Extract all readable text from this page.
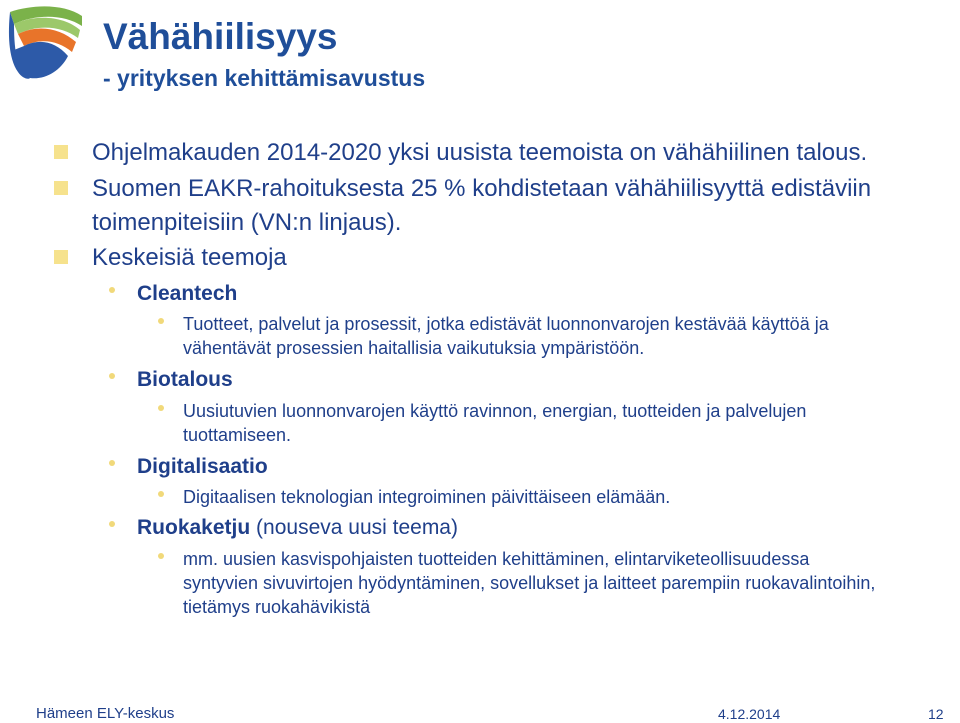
Vähähiilisyys
- yrityksen kehittämisavustus
Ohjelmakauden 2014-2020 yksi uusista teemoista on vähähiilinen talous.
Suomen EAKR-rahoituksesta 25 % kohdistetaan vähähiilisyyttä edistäviin
toimenpiteisiin (VN:n linjaus).
Keskeisiä teemoja
Cleantech
Tuotteet, palvelut ja prosessit, jotka edistävät luonnonvarojen kestävää käyttöä ja
vähentävät prosessien haitallisia vaikutuksia ympäristöön.
Biotalous
Uusiutuvien luonnonvarojen käyttö ravinnon, energian, tuotteiden ja palvelujen
tuottamiseen.
Digitalisaatio
Digitaalisen teknologian integroiminen päivittäiseen elämään.
Ruokaketju (nouseva uusi teema)
mm. uusien kasvispohjaisten tuotteiden kehittäminen, elintarviketeollisuudessa
syntyvien sivuvirtojen hyödyntäminen, sovellukset ja laitteet parempiin ruokavalintoihin,
tietämys ruokahävikistä
Hämeen ELY-keskus	4.12.2014	12
